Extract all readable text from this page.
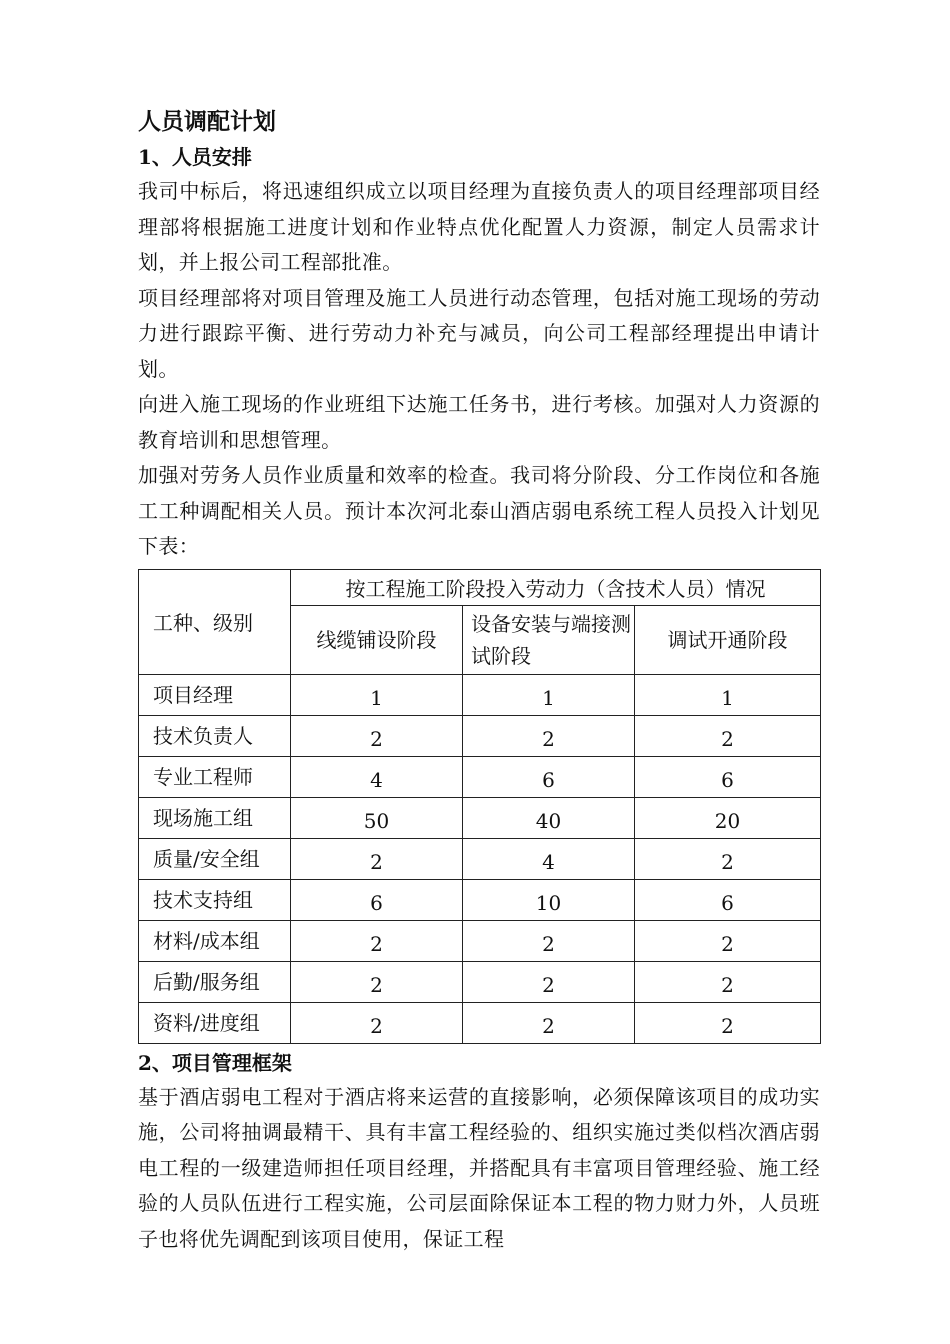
人员调配计划
1、人员安排

我司中标后，将迅速组织成立以项目经理为直接负责人的项目经理部项目经理部将根据施工进度计划和作业特点优化配置人力资源，制定人员需求计划，并上报公司工程部批准。

项目经理部将对项目管理及施工人员进行动态管理，包括对施工现场的劳动力进行跟踪平衡、进行劳动力补充与减员，向公司工程部经理提出申请计划。

向进入施工现场的作业班组下达施工任务书，进行考核。加强对人力资源的教育培训和思想管理。

加强对劳务人员作业质量和效率的检查。我司将分阶段、分工作岗位和各施工工种调配相关人员。预计本次河北泰山酒店弱电系统工程人员投入计划见下表：

工种、级别	按工程施工阶段投入劳动力（含技术人员）情况		
	线缆铺设阶段	设备安装与端接测试阶段	调试开通阶段
项目经理	1	1	1
技术负责人	2	2	2
专业工程师	4	6	6
现场施工组	50	40	20
质量/安全组	2	4	2
技术支持组	6	10	6
材料/成本组	2	2	2
后勤/服务组	2	2	2
资料/进度组	2	2	2
2、项目管理框架

基于酒店弱电工程对于酒店将来运营的直接影响，必须保障该项目的成功实施，公司将抽调最精干、具有丰富工程经验的、组织实施过类似档次酒店弱电工程的一级建造师担任项目经理，并搭配具有丰富项目管理经验、施工经验的人员队伍进行工程实施，公司层面除保证本工程的物力财力外，人员班子也将优先调配到该项目使用，保证工程
